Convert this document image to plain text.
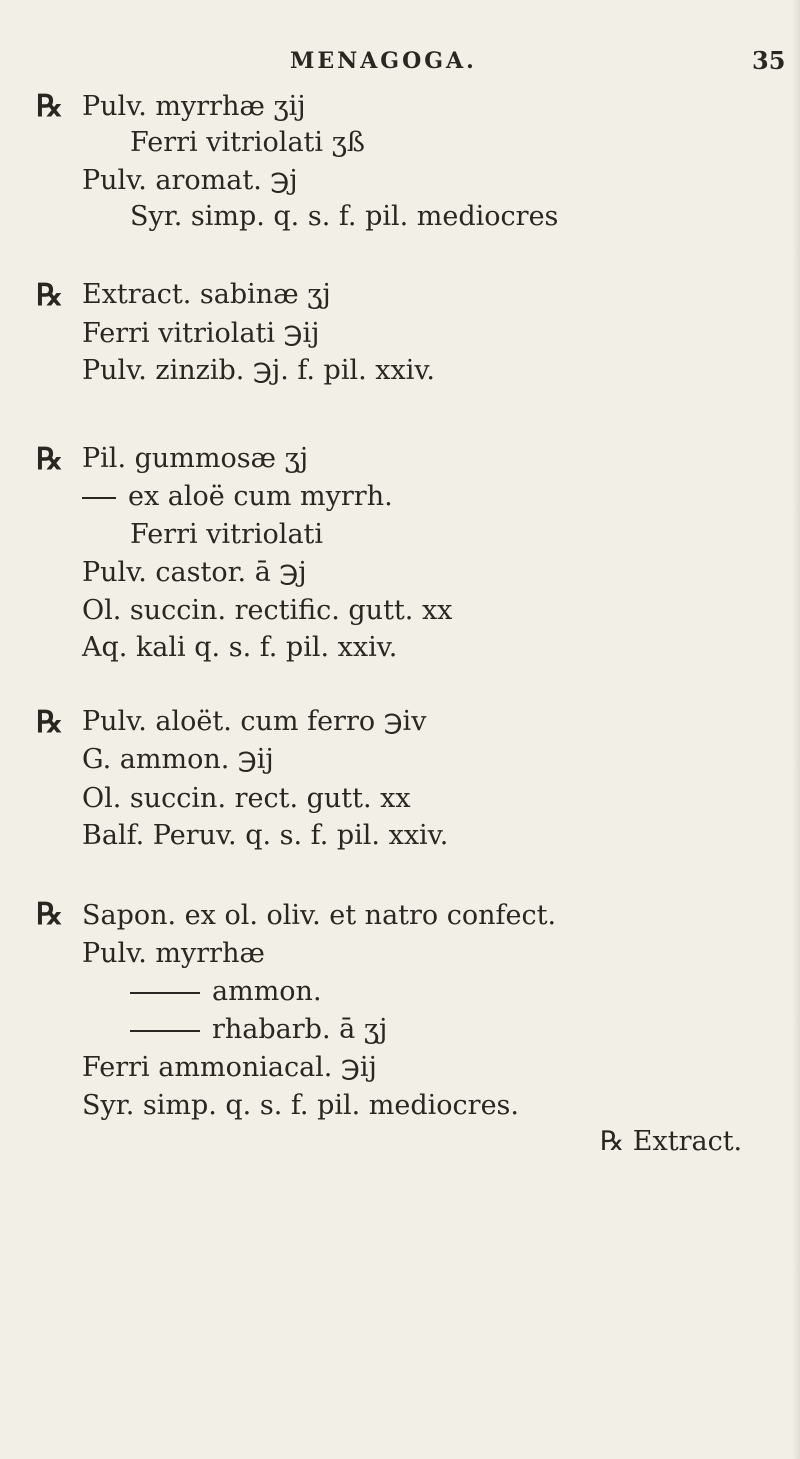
MENAGOGA.	35
℞ Pulv. myrrhæ ʒij
Ferri vitriolati ʒß
Pulv. aromat. ℈j
Syr. simp. q. s. f. pil. mediocres
℞ Extract. sabinæ ʒj
Ferri vitriolati ℈ij
Pulv. zinzib. ℈j. f. pil. xxiv.
℞ Pil. gummosæ ʒj
ex aloë cum myrrh.
Ferri vitriolati
Pulv. castor. ā ℈j
Ol. succin. rectific. gutt. xx
Aq. kali q. s. f. pil. xxiv.
℞ Pulv. aloët. cum ferro ℈iv
G. ammon. ℈ij
Ol. succin. rect. gutt. xx
Balf. Peruv. q. s. f. pil. xxiv.
℞ Sapon. ex ol. oliv. et natro confect.
Pulv. myrrhæ
ammon.
rhabarb. ā ʒj
Ferri ammoniacal. ℈ij
Syr. simp. q. s. f. pil. mediocres.
℞ Extract.
